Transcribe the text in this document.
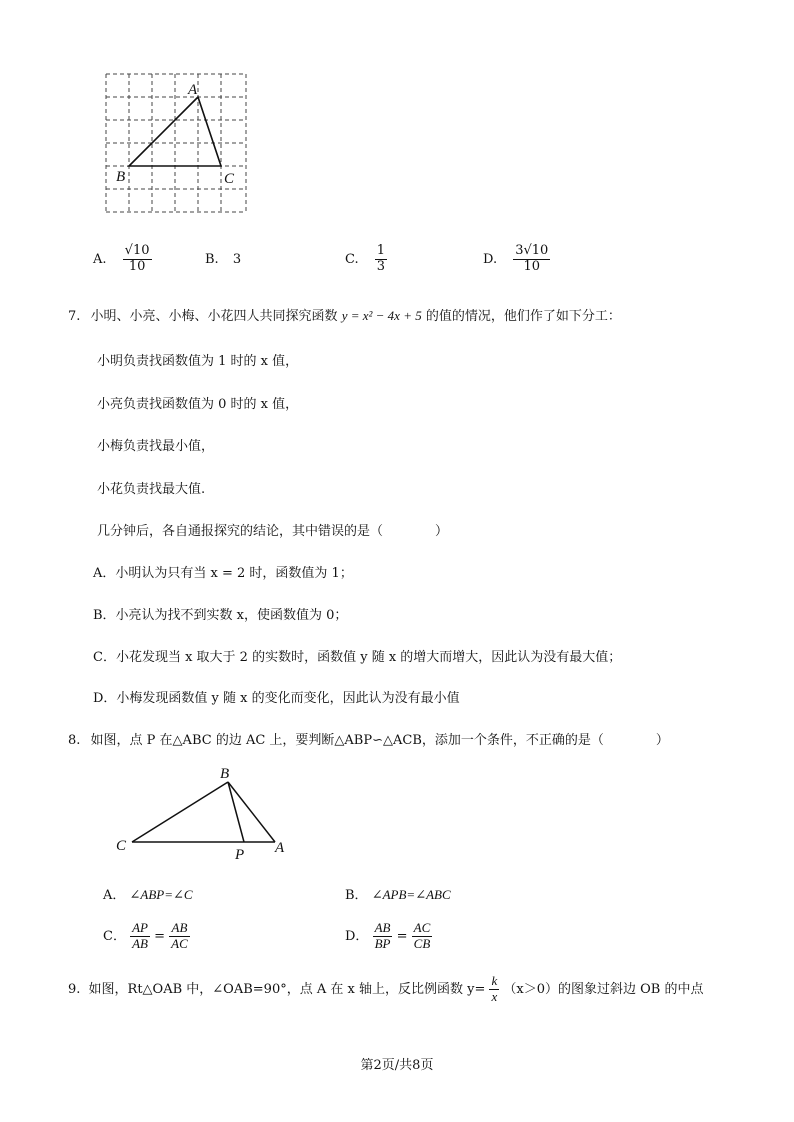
A
B	C
A. $\frac{√10}{10}$	B. 3	C. $\frac{1}{3}$	D. $\frac{3√10}{10}$
7. 小明、小亮、小梅、小花四人共同探究函数 y = x² − 4x + 5 的值的情况，他们作了如下分工：
小明负责找函数值为 1 时的 x 值，
小亮负责找函数值为 0 时的 x 值，
小梅负责找最小值，
小花负责找最大值.
几分钟后，各自通报探究的结论，其中错误的是（　　　　）
A．小明认为只有当 x = 2 时，函数值为 1；
B．小亮认为找不到实数 x，使函数值为 0；
C．小花发现当 x 取大于 2 的实数时，函数值 y 随 x 的增大而增大，因此认为没有最大值；
D．小梅发现函数值 y 随 x 的变化而变化，因此认为没有最小值
8. 如图，点 P 在△ABC 的边 AC 上，要判断△ABP∽△ACB，添加一个条件，不正确的是（　　　　）
B
C
P A
A． ∠ABP=∠C	B． ∠APB=∠ABC
C． $\frac{AP}{AB} = \frac{AB}{AC}$	D． $\frac{AB}{BP} = \frac{AC}{CB}$
9. 如图，Rt△OAB 中，∠OAB=90°，点 A 在 x 轴上，反比例函数 $y= \frac{k}{x} (x>0)$的图象过斜边 OB 的中点
第2页/共8页
